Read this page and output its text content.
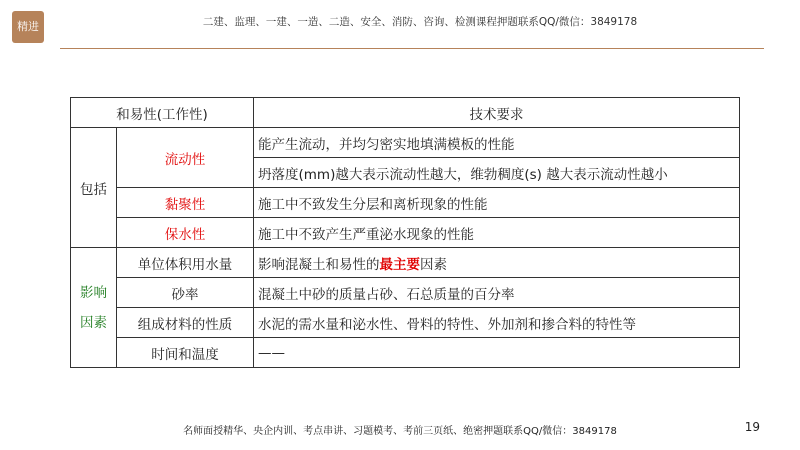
精进	二建、监理、一建、一造、二造、安全、消防、咨询、检测课程押题联系QQ/微信：3849178
和易性(工作性)		技术要求
包括	流动性	能产生流动，并均匀密实地填满模板的性能
		坍落度(mm)越大表示流动性越大，维勃稠度(s) 越大表示流动性越小
	黏聚性	施工中不致发生分层和离析现象的性能
	保水性	施工中不致产生严重泌水现象的性能

影响
因素	单位体积用水量	影响混凝土和易性的最主要因素
	砂率	混凝土中砂的质量占砂、石总质量的百分率
	组成材料的性质	水泥的需水量和泌水性、骨料的特性、外加剂和掺合料的特性等
	时间和温度	——
名师面授精华、央企内训、考点串讲、习题模考、考前三页纸、绝密押题联系QQ/微信：3849178	19
